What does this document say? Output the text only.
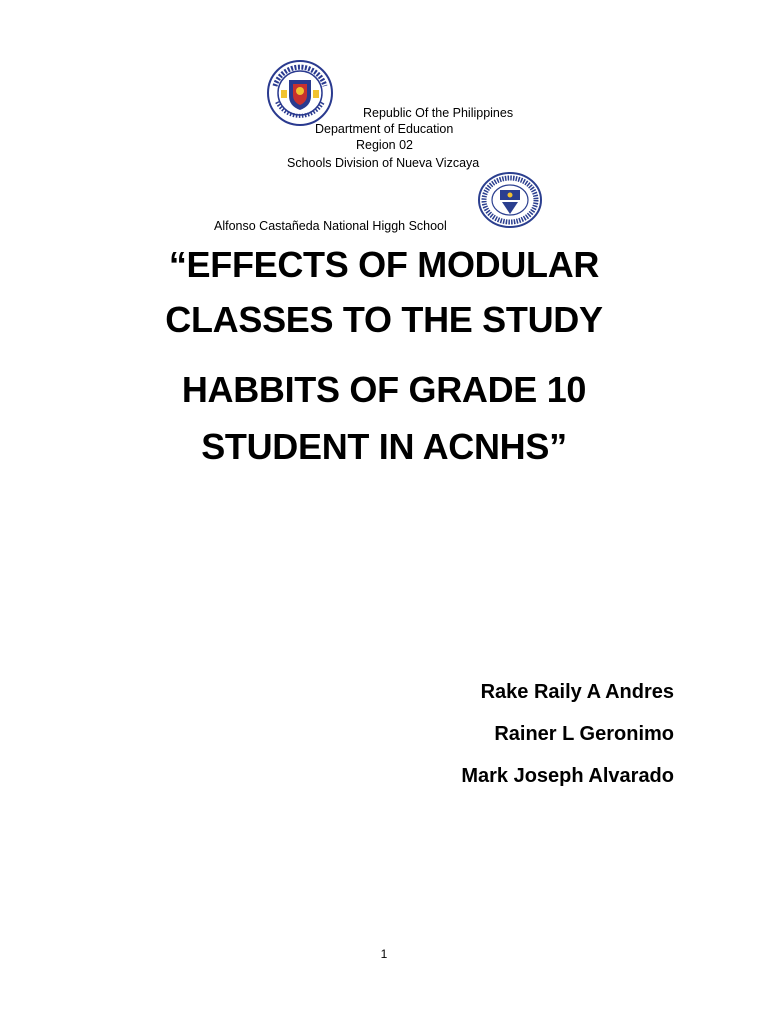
Republic Of the Philippines
Department of Education
Region 02
Schools Division of Nueva Vizcaya
Alfonso Castañeda National Higgh School
“EFFECTS OF MODULAR
CLASSES TO THE STUDY
HABBITS OF GRADE 10
STUDENT IN ACNHS”
Rake Raily A Andres
Rainer L Geronimo
Mark Joseph Alvarado
1
